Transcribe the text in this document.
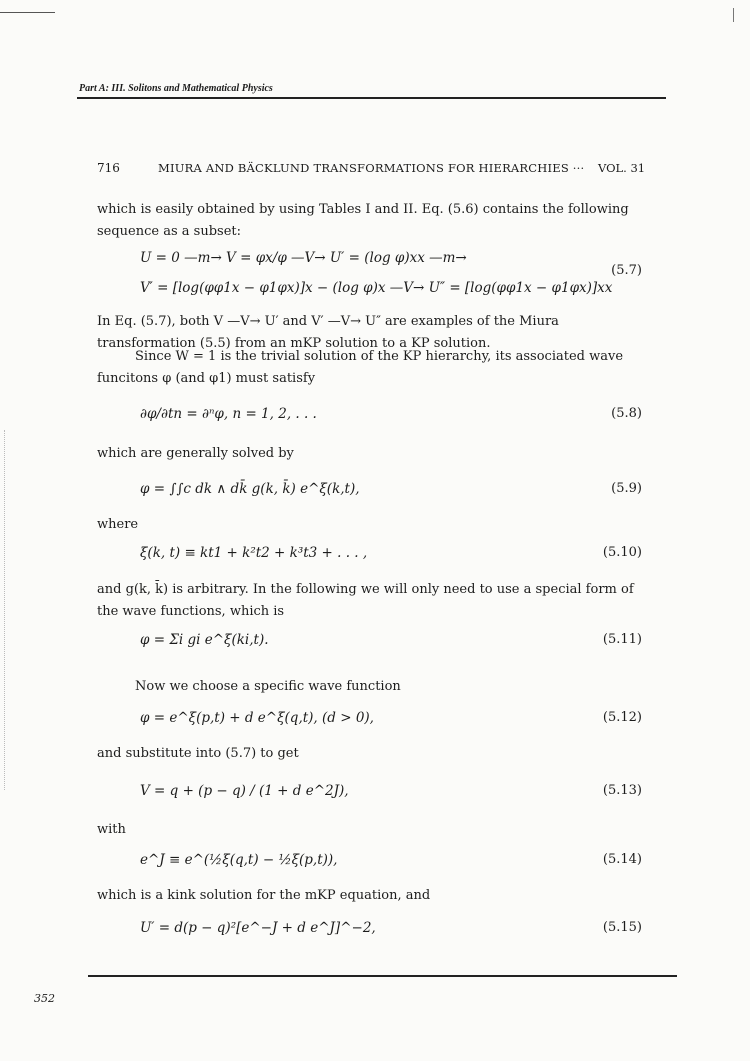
Part A: III. Solitons and Mathematical Physics
716	MIURA AND BÄCKLUND TRANSFORMATIONS FOR HIERARCHIES ··· VOL. 31
which is easily obtained by using Tables I and II. Eq. (5.6) contains the following sequence as a subset:
U = 0 —m→ V = φx/φ —V→ U′ = (log φ)xx —m→
V′ = [log(φφ1x − φ1φx)]x − (log φ)x —V→ U″ = [log(φφ1x − φ1φx)]xx
(5.7)
In Eq. (5.7), both V —V→ U′ and V′ —V→ U″ are examples of the Miura transformation (5.5) from an mKP solution to a KP solution.
Since W = 1 is the trivial solution of the KP hierarchy, its associated wave funcitons φ (and φ1) must satisfy
∂φ/∂tn = ∂ⁿφ, n = 1, 2, . . .	(5.8)
which are generally solved by
φ = ∫∫c dk ∧ dk̄ g(k, k̄) e^ξ(k,t),	(5.9)
where
ξ(k, t) ≡ kt1 + k²t2 + k³t3 + . . . ,	(5.10)
and g(k, k̄) is arbitrary. In the following we will only need to use a special form of the wave functions, which is
φ = Σi gi e^ξ(ki,t).	(5.11)
Now we choose a specific wave function
φ = e^ξ(p,t) + d e^ξ(q,t), (d > 0),	(5.12)
and substitute into (5.7) to get
V = q + (p − q) / (1 + d e^2J),	(5.13)
with
e^J ≡ e^(½ξ(q,t) − ½ξ(p,t)),	(5.14)
which is a kink solution for the mKP equation, and
U′ = d(p − q)²[e^−J + d e^J]^−2,	(5.15)
352
